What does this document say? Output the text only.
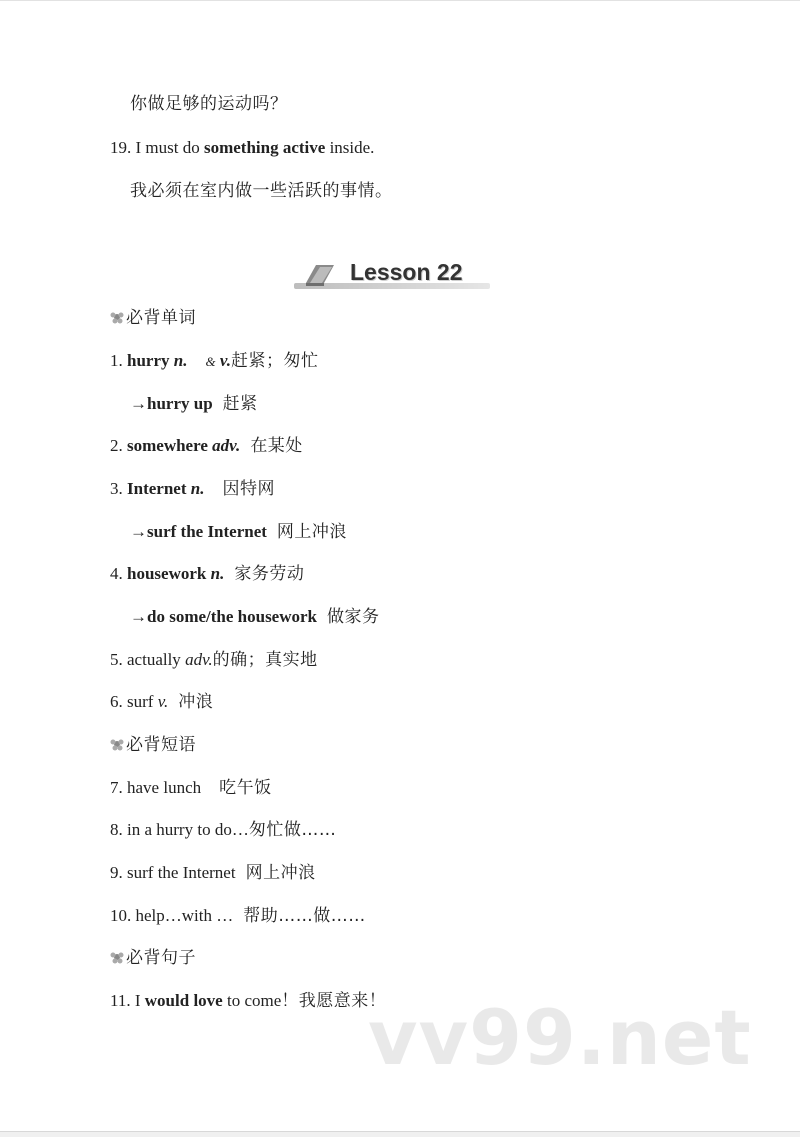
你做足够的运动吗？
19. I must do something active inside.
我必须在室内做一些活跃的事情。
Lesson 22
必背单词
1. hurry n. & v.赶紧；匆忙
→hurry up 赶紧
2. somewhere adv. 在某处
3. Internet n. 因特网
→surf the Internet 网上冲浪
4. housework n. 家务劳动
→do some/the housework 做家务
5. actually adv.的确；真实地
6. surf v. 冲浪
必背短语
7. have lunch 吃午饭
8. in a hurry to do…匆忙做……
9. surf the Internet 网上冲浪
10. help…with … 帮助……做……
必背句子
11. I would love to come！我愿意来！
vv99.net
